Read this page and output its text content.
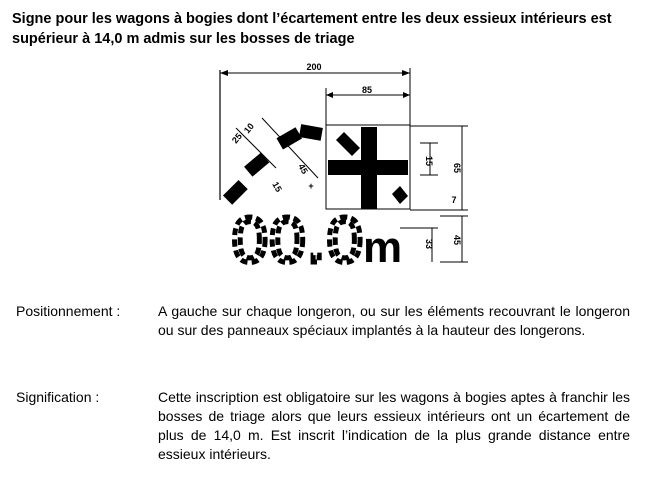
Signe pour les wagons à bogies dont l’écartement entre les deux essieux intérieurs est supérieur à 14,0 m admis sur les bosses de triage
200
85
15
65
7
45
33
25
10
45
15	+
00.0
m
Positionnement :	A gauche sur chaque longeron, ou sur les éléments recouvrant le longeron ou sur des panneaux spéciaux implantés à la hauteur des longerons.
Signification :	Cette inscription est obligatoire sur les wagons à bogies aptes à franchir les bosses de triage alors que leurs essieux intérieurs ont un écartement de plus de 14,0 m. Est inscrit l’indication de la plus grande distance entre essieux intérieurs.
